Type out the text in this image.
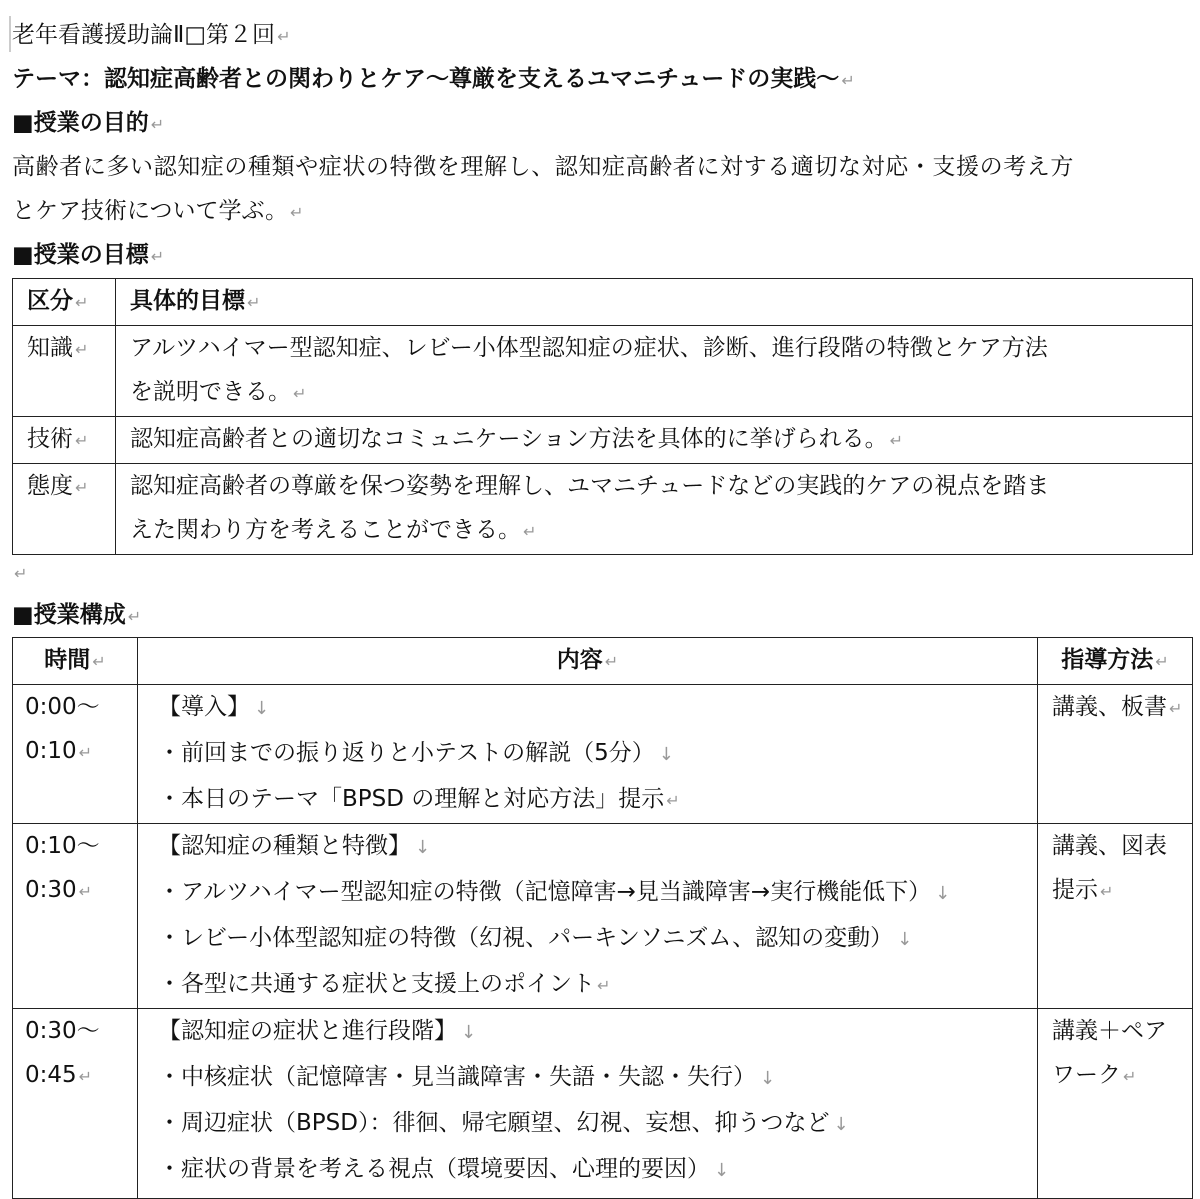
老年看護援助論Ⅱ□第２回 ↵
テーマ：認知症高齢者との関わりとケア〜尊厳を支えるユマニチュードの実践〜 ↵
■授業の目的 ↵
高齢者に多い認知症の種類や症状の特徴を理解し、認知症高齢者に対する適切な対応・支援の考え方
とケア技術について学ぶ。 ↵
■授業の目標 ↵
区分 ↵	具体的目標 ↵

知識 ↵	アルツハイマー型認知症、レビー小体型認知症の症状、診断、進行段階の特徴とケア方法
を説明できる。 ↵

技術 ↵	認知症高齢者との適切なコミュニケーション方法を具体的に挙げられる。 ↵

態度 ↵	認知症高齢者の尊厳を保つ姿勢を理解し、ユマニチュードなどの実践的ケアの視点を踏ま
えた関わり方を考えることができる。 ↵
↵
■授業構成 ↵
時間 ↵	内容 ↵	指導方法 ↵

0:00〜
0:10 ↵	【導入】 ↓
・前回までの振り返りと小テストの解説（5分） ↓
・本日のテーマ「BPSD の理解と対応方法」提示 ↵	講義、板書 ↵

0:10〜
0:30 ↵	【認知症の種類と特徴】 ↓
・アルツハイマー型認知症の特徴（記憶障害→見当識障害→実行機能低下） ↓
・レビー小体型認知症の特徴（幻視、パーキンソニズム、認知の変動） ↓
・各型に共通する症状と支援上のポイント ↵	講義、図表
提示 ↵

0:30〜
0:45 ↵	【認知症の症状と進行段階】 ↓
・中核症状（記憶障害・見当識障害・失語・失認・失行） ↓
・周辺症状（BPSD）：徘徊、帰宅願望、幻視、妄想、抑うつなど ↓
・症状の背景を考える視点（環境要因、心理的要因） ↓	講義＋ペア
ワーク ↵
